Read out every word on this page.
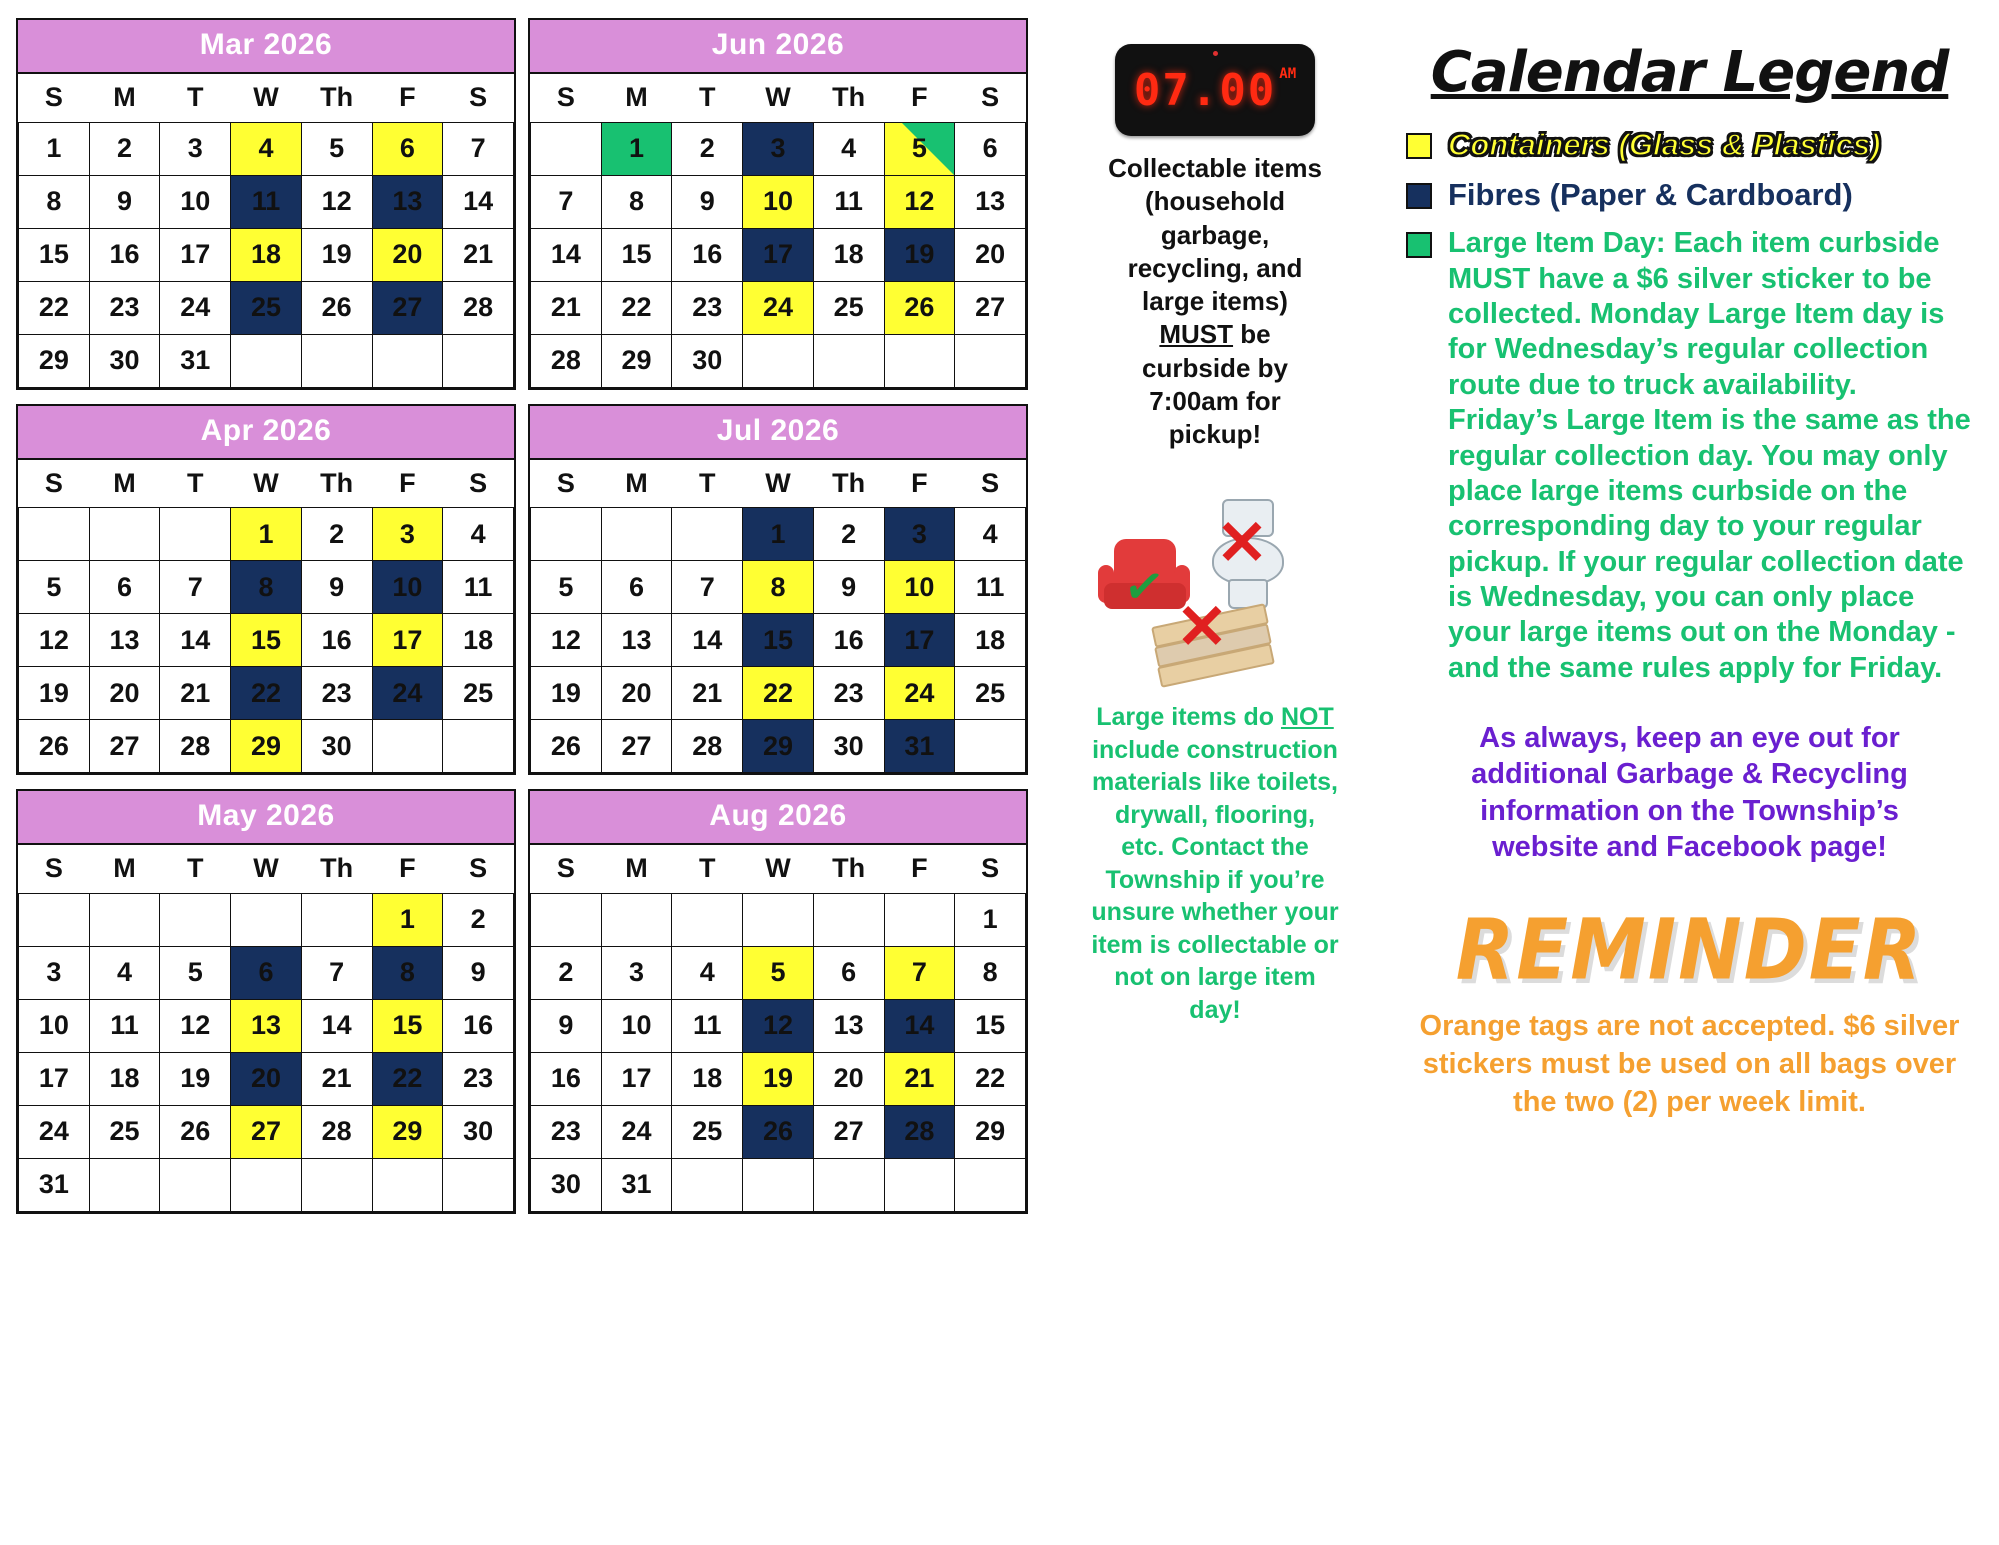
Mar 2026
S	M	T	W	Th	F	S
1	2	3	4	5	6	7
8	9	10	11	12	13	14
15	16	17	18	19	20	21
22	23	24	25	26	27	28
29	30	31				
Apr 2026
S	M	T	W	Th	F	S
			1	2	3	4
5	6	7	8	9	10	11
12	13	14	15	16	17	18
19	20	21	22	23	24	25
26	27	28	29	30		
May 2026
S	M	T	W	Th	F	S
					1	2
3	4	5	6	7	8	9
10	11	12	13	14	15	16
17	18	19	20	21	22	23
24	25	26	27	28	29	30
31						
Jun 2026
S	M	T	W	Th	F	S
	1	2	3	4	5	6
7	8	9	10	11	12	13
14	15	16	17	18	19	20
21	22	23	24	25	26	27
28	29	30				
Jul 2026
S	M	T	W	Th	F	S
			1	2	3	4
5	6	7	8	9	10	11
12	13	14	15	16	17	18
19	20	21	22	23	24	25
26	27	28	29	30	31	
Aug 2026
S	M	T	W	Th	F	S
						1
2	3	4	5	6	7	8
9	10	11	12	13	14	15
16	17	18	19	20	21	22
23	24	25	26	27	28	29
30	31					
07.00 AM
Collectable items (household garbage, recycling, and large items) MUST be curbside by 7:00am for pickup!
✓
✕
✕
Large items do NOT include construction materials like toilets, drywall, flooring, etc. Contact the Township if you’re unsure whether your item is collectable or not on large item day!
Calendar Legend
Containers (Glass & Plastics)
Fibres (Paper & Cardboard)
Large Item Day: Each item curbside MUST have a $6 silver sticker to be collected. Monday Large Item day is for Wednesday’s regular collection route due to truck availability. Friday’s Large Item is the same as the regular collection day. You may only place large items curbside on the corresponding day to your regular pickup. If your regular collection date is Wednesday, you can only place your large items out on the Monday - and the same rules apply for Friday.
As always, keep an eye out for additional Garbage & Recycling information on the Township’s website and Facebook page!
REMINDER
Orange tags are not accepted. $6 silver stickers must be used on all bags over the two (2) per week limit.
